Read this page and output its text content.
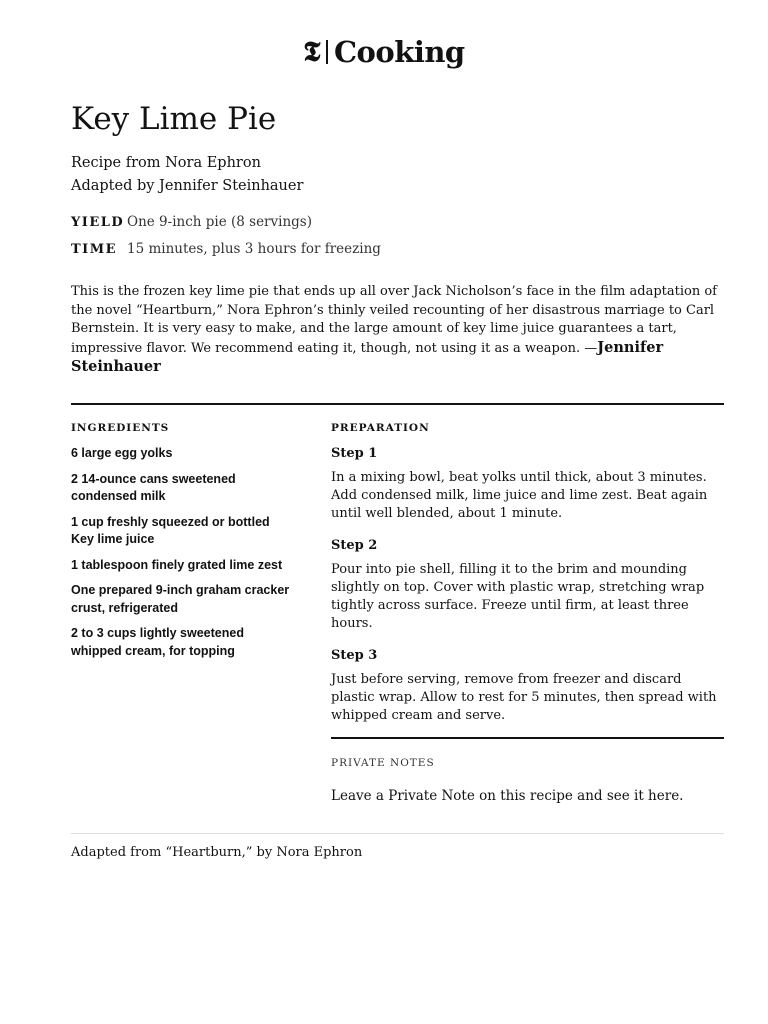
𝕿 Cooking
Key Lime Pie
Recipe from Nora Ephron
Adapted by Jennifer Steinhauer
YIELD One 9-inch pie (8 servings)
TIME 15 minutes, plus 3 hours for freezing

This is the frozen key lime pie that ends up all over Jack Nicholson’s face in the film adaptation of the novel “Heartburn,” Nora Ephron’s thinly veiled recounting of her disastrous marriage to Carl Bernstein. It is very easy to make, and the large amount of key lime juice guarantees a tart, impressive flavor. We recommend eating it, though, not using it as a weapon. —Jennifer Steinhauer

INGREDIENTS
6 large egg yolks
2 14-ounce cans sweetened condensed milk
1 cup freshly squeezed or bottled Key lime juice
1 tablespoon finely grated lime zest
One prepared 9-inch graham cracker crust, refrigerated
2 to 3 cups lightly sweetened whipped cream, for topping
PREPARATION
Step 1

In a mixing bowl, beat yolks until thick, about 3 minutes. Add condensed milk, lime juice and lime zest. Beat again until well blended, about 1 minute.

Step 2

Pour into pie shell, filling it to the brim and mounding slightly on top. Cover with plastic wrap, stretching wrap tightly across surface. Freeze until firm, at least three hours.

Step 3

Just before serving, remove from freezer and discard plastic wrap. Allow to rest for 5 minutes, then spread with whipped cream and serve.

PRIVATE NOTES
Leave a Private Note on this recipe and see it here.
Adapted from “Heartburn,” by Nora Ephron
